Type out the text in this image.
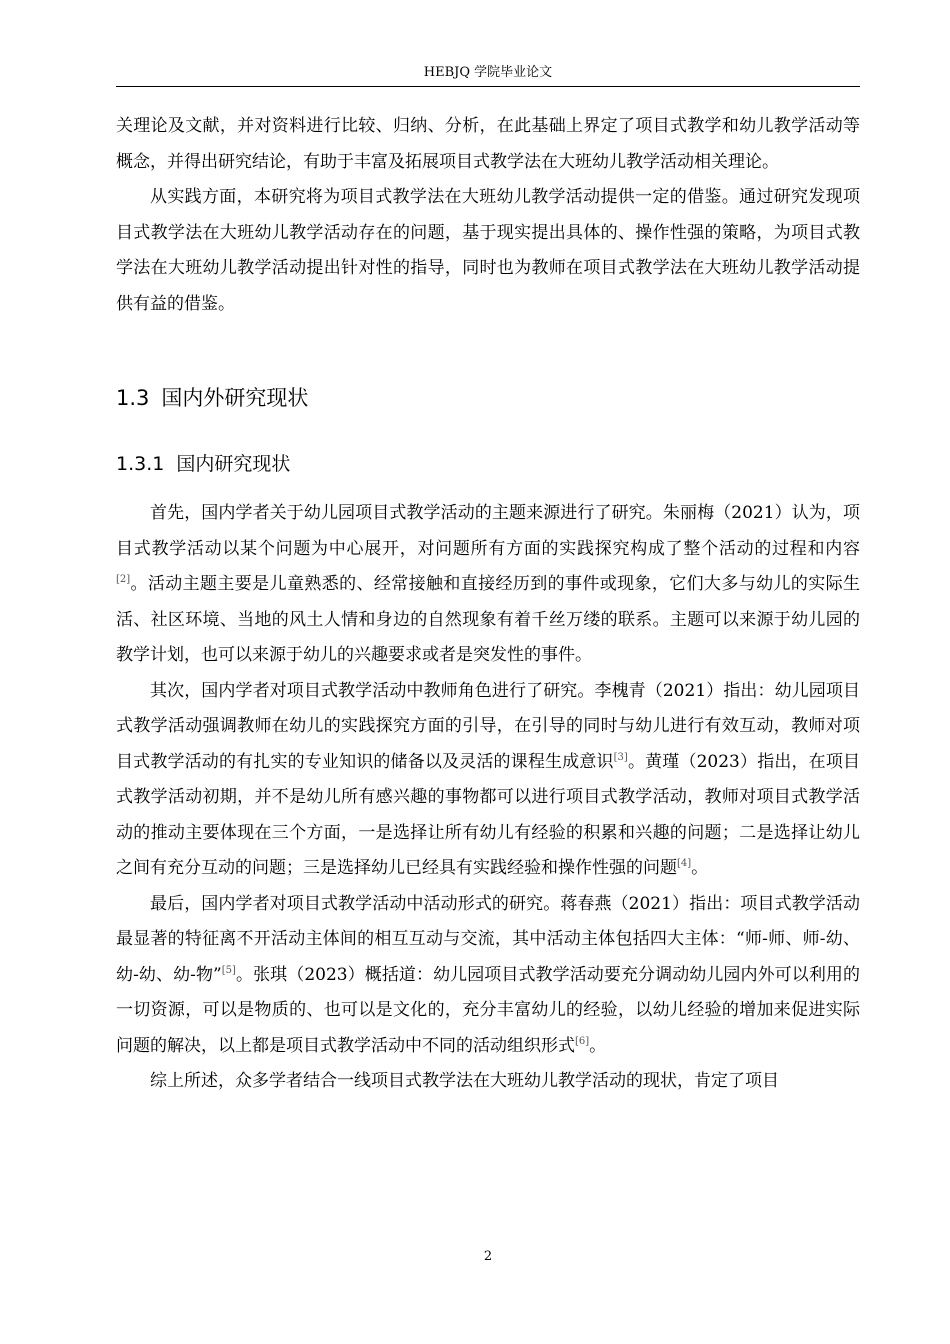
HEBJQ 学院毕业论文

关理论及文献，并对资料进行比较、归纳、分析，在此基础上界定了项目式教学和幼儿教学活动等概念，并得出研究结论，有助于丰富及拓展项目式教学法在大班幼儿教学活动相关理论。

从实践方面，本研究将为项目式教学法在大班幼儿教学活动提供一定的借鉴。通过研究发现项目式教学法在大班幼儿教学活动存在的问题，基于现实提出具体的、操作性强的策略，为项目式教学法在大班幼儿教学活动提出针对性的指导，同时也为教师在项目式教学法在大班幼儿教学活动提供有益的借鉴。

1.3 国内外研究现状
1.3.1 国内研究现状

首先，国内学者关于幼儿园项目式教学活动的主题来源进行了研究。朱丽梅（2021）认为，项目式教学活动以某个问题为中心展开，对问题所有方面的实践探究构成了整个活动的过程和内容[2]。活动主题主要是儿童熟悉的、经常接触和直接经历到的事件或现象，它们大多与幼儿的实际生活、社区环境、当地的风土人情和身边的自然现象有着千丝万缕的联系。主题可以来源于幼儿园的教学计划，也可以来源于幼儿的兴趣要求或者是突发性的事件。

其次，国内学者对项目式教学活动中教师角色进行了研究。李槐青（2021）指出：幼儿园项目式教学活动强调教师在幼儿的实践探究方面的引导，在引导的同时与幼儿进行有效互动，教师对项目式教学活动的有扎实的专业知识的储备以及灵活的课程生成意识[3]。黄瑾（2023）指出，在项目式教学活动初期，并不是幼儿所有感兴趣的事物都可以进行项目式教学活动，教师对项目式教学活动的推动主要体现在三个方面，一是选择让所有幼儿有经验的积累和兴趣的问题；二是选择让幼儿之间有充分互动的问题；三是选择幼儿已经具有实践经验和操作性强的问题[4]。

最后，国内学者对项目式教学活动中活动形式的研究。蒋春燕（2021）指出：项目式教学活动最显著的特征离不开活动主体间的相互互动与交流，其中活动主体包括四大主体：“师-师、师-幼、幼-幼、幼-物”[5]。张琪（2023）概括道：幼儿园项目式教学活动要充分调动幼儿园内外可以利用的一切资源，可以是物质的、也可以是文化的，充分丰富幼儿的经验，以幼儿经验的增加来促进实际问题的解决，以上都是项目式教学活动中不同的活动组织形式[6]。

综上所述，众多学者结合一线项目式教学法在大班幼儿教学活动的现状，肯定了项目

2
